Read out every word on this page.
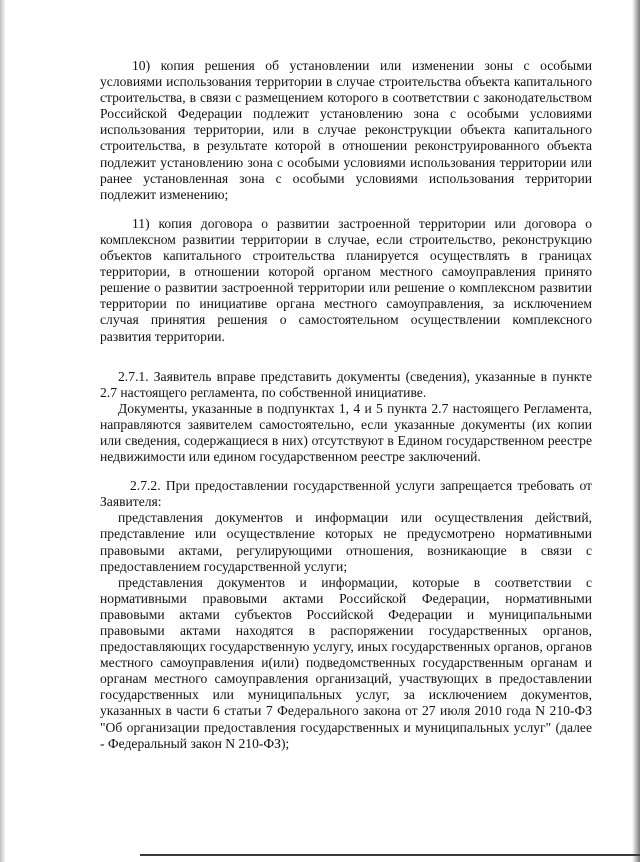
10) копия решения об установлении или изменении зоны с особыми условиями использования территории в случае строительства объекта капитального строительства, в связи с размещением которого в соответствии с законодательством Российской Федерации подлежит установлению зона с особыми условиями использования территории, или в случае реконструкции объекта капитального строительства, в результате которой в отношении реконструированного объекта подлежит установлению зона с особыми условиями использования территории или ранее установленная зона с особыми условиями использования территории подлежит изменению;

11) копия договора о развитии застроенной территории или договора о комплексном развитии территории в случае, если строительство, реконструкцию объектов капитального строительства планируется осуществлять в границах территории, в отношении которой органом местного самоуправления принято решение о развитии застроенной территории или решение о комплексном развитии территории по инициативе органа местного самоуправления, за исключением случая принятия решения о самостоятельном осуществлении комплексного развития территории.

2.7.1. Заявитель вправе представить документы (сведения), указанные в пункте 2.7 настоящего регламента, по собственной инициативе.

Документы, указанные в подпунктах 1, 4 и 5 пункта 2.7 настоящего Регламента, направляются заявителем самостоятельно, если указанные документы (их копии или сведения, содержащиеся в них) отсутствуют в Едином государственном реестре недвижимости или едином государственном реестре заключений.

2.7.2. При предоставлении государственной услуги запрещается требовать от Заявителя:

представления документов и информации или осуществления действий, представление или осуществление которых не предусмотрено нормативными правовыми актами, регулирующими отношения, возникающие в связи с предоставлением государственной услуги;

представления документов и информации, которые в соответствии с нормативными правовыми актами Российской Федерации, нормативными правовыми актами субъектов Российской Федерации и муниципальными правовыми актами находятся в распоряжении государственных органов, предоставляющих государственную услугу, иных государственных органов, органов местного самоуправления и(или) подведомственных государственным органам и органам местного самоуправления организаций, участвующих в предоставлении государственных или муниципальных услуг, за исключением документов, указанных в части 6 статьи 7 Федерального закона от 27 июля 2010 года N 210-ФЗ "Об организации предоставления государственных и муниципальных услуг" (далее - Федеральный закон N 210-ФЗ);
